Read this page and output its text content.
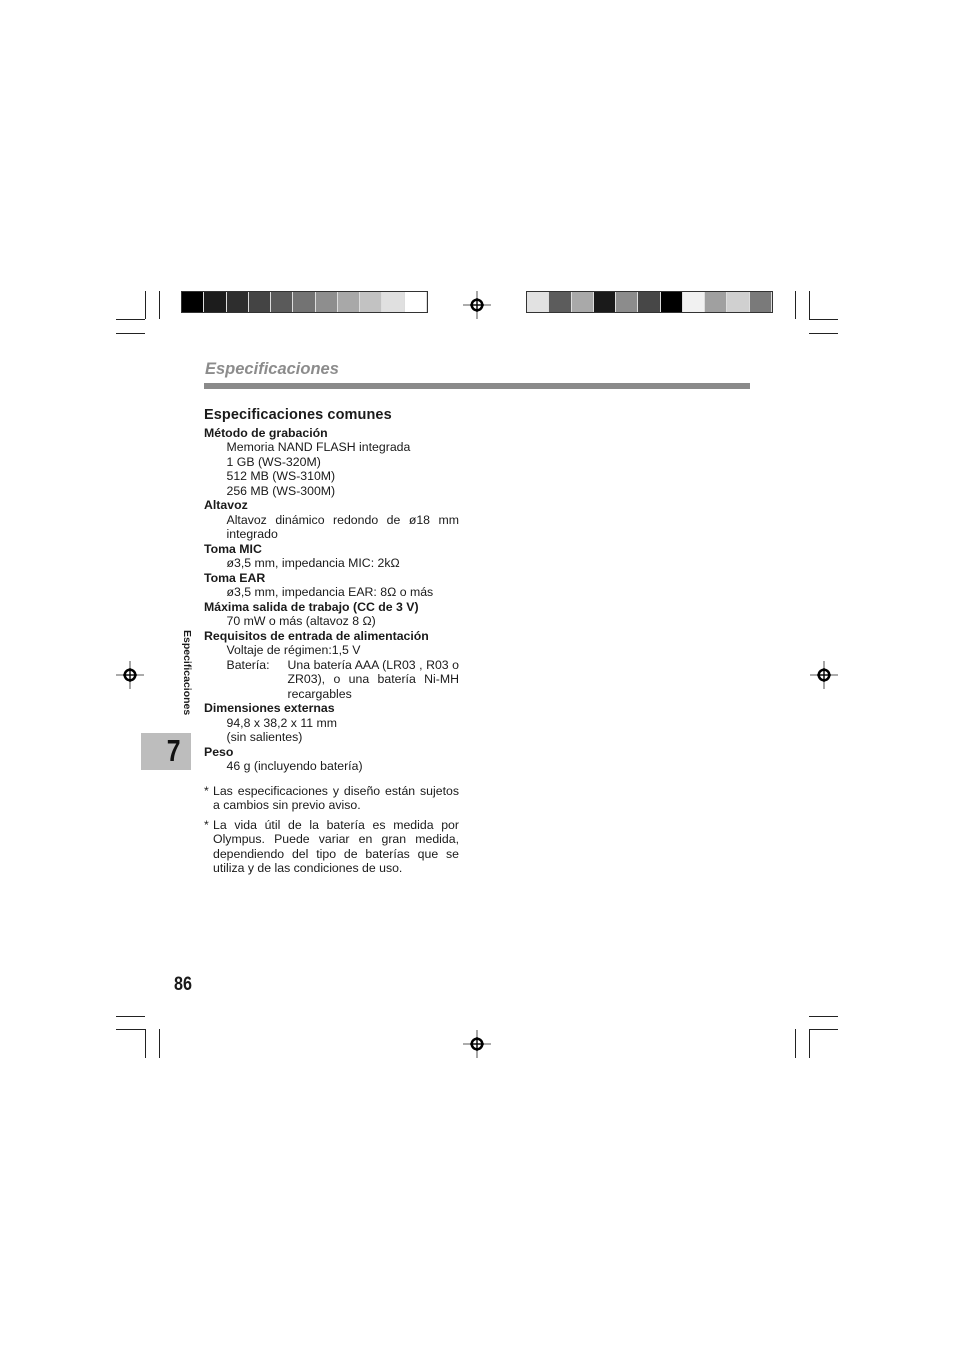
Especificaciones
Especificaciones comunes
Método de grabación
Memoria NAND FLASH integrada
1 GB (WS-320M)
512 MB (WS-310M)
256 MB (WS-300M)
Altavoz
Altavoz dinámico redondo de ø18 mm integrado
Toma MIC
ø3,5 mm, impedancia MIC: 2kΩ
Toma EAR
ø3,5 mm, impedancia EAR: 8Ω o más
Máxima salida de trabajo (CC de 3 V)
70 mW o más (altavoz 8 Ω)
Requisitos de entrada de alimentación
Voltaje de régimen:1,5 V
Batería:	Una batería AAA (LR03 , R03 o ZR03), o una batería Ni-MH recargables
Dimensiones externas
94,8 x 38,2 x 11 mm
(sin salientes)
Peso
46 g (incluyendo batería)
* Las especificaciones y diseño están sujetos a cambios sin previo aviso.
* La vida útil de la batería es medida por Olympus. Puede variar en gran medida, dependiendo del tipo de baterías que se utiliza y de las condiciones de uso.
Especificaciones
7
86
